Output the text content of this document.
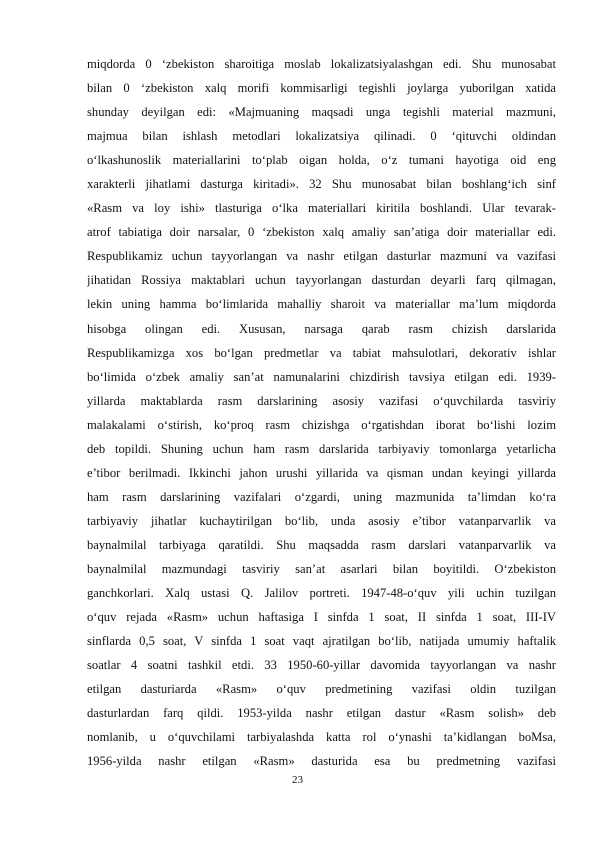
miqdorda 0 ‘zbekiston sharoitiga moslab lokalizatsiyalashgan edi. Shu munosabat
bilan 0 ‘zbekiston xalq morifi kommisarligi tegishli joylarga yuborilgan xatida
shunday deyilgan edi: «Majmuaning maqsadi unga tegishli material mazmuni,
majmua bilan ishlash metodlari lokalizatsiya qilinadi. 0 ‘qituvchi oldindan
o‘lkashunoslik materiallarini to‘plab oigan holda, o‘z tumani hayotiga oid eng
xarakterli jihatlami dasturga kiritadi». 32 Shu munosabat bilan boshlang‘ich sinf
«Rasm va loy ishi» tlasturiga o‘lka materiallari kiritila boshlandi. Ular tevarak-
atrof tabiatiga doir narsalar, 0 ‘zbekiston xalq amaliy san’atiga doir materiallar edi.
Respublikamiz uchun tayyorlangan va nashr etilgan dasturlar mazmuni va vazifasi
jihatidan Rossiya maktablari uchun tayyorlangan dasturdan deyarli farq qilmagan,
lekin uning hamma bo‘limlarida mahalliy sharoit va materiallar ma’lum miqdorda
hisobga olingan edi. Xususan, narsaga qarab rasm chizish darslarida
Respublikamizga xos bo‘lgan predmetlar va tabiat mahsulotlari, dekorativ ishlar
bo‘limida o‘zbek amaliy san’at namunalarini chizdirish tavsiya etilgan edi. 1939-
yillarda maktablarda rasm darslarining asosiy vazifasi o‘quvchilarda tasviriy
malakalami o‘stirish, ko‘proq rasm chizishga o‘rgatishdan iborat bo‘lishi lozim
deb topildi. Shuning uchun ham rasm darslarida tarbiyaviy tomonlarga yetarlicha
e’tibor berilmadi. Ikkinchi jahon urushi yillarida va qisman undan keyingi yillarda
ham rasm darslarining vazifalari o‘zgardi, uning mazmunida ta’limdan ko‘ra
tarbiyaviy jihatlar kuchaytirilgan bo‘lib, unda asosiy e’tibor vatanparvarlik va
baynalmilal tarbiyaga qaratildi. Shu maqsadda rasm darslari vatanparvarlik va
baynalmilal mazmundagi tasviriy san’at asarlari bilan boyitildi. O‘zbekiston
ganchkorlari. Xalq ustasi Q. Jalilov portreti. 1947-48-o‘quv yili uchin tuzilgan
o‘quv rejada «Rasm» uchun haftasiga I sinfda 1 soat, II sinfda 1 soat, III-IV
sinflarda 0,5 soat, V sinfda 1 soat vaqt ajratilgan bo‘lib, natijada umumiy haftalik
soatlar 4 soatni tashkil etdi. 33 1950-60-yillar davomida tayyorlangan va nashr
etilgan dasturiarda «Rasm» o‘quv predmetining vazifasi oldin tuzilgan
dasturlardan farq qildi. 1953-yilda nashr etilgan dastur «Rasm solish» deb
nomlanib, u o‘quvchilami tarbiyalashda katta rol o‘ynashi ta’kidlangan boMsa,
1956-yilda nashr etilgan «Rasm» dasturida esa bu predmetning vazifasi
23
